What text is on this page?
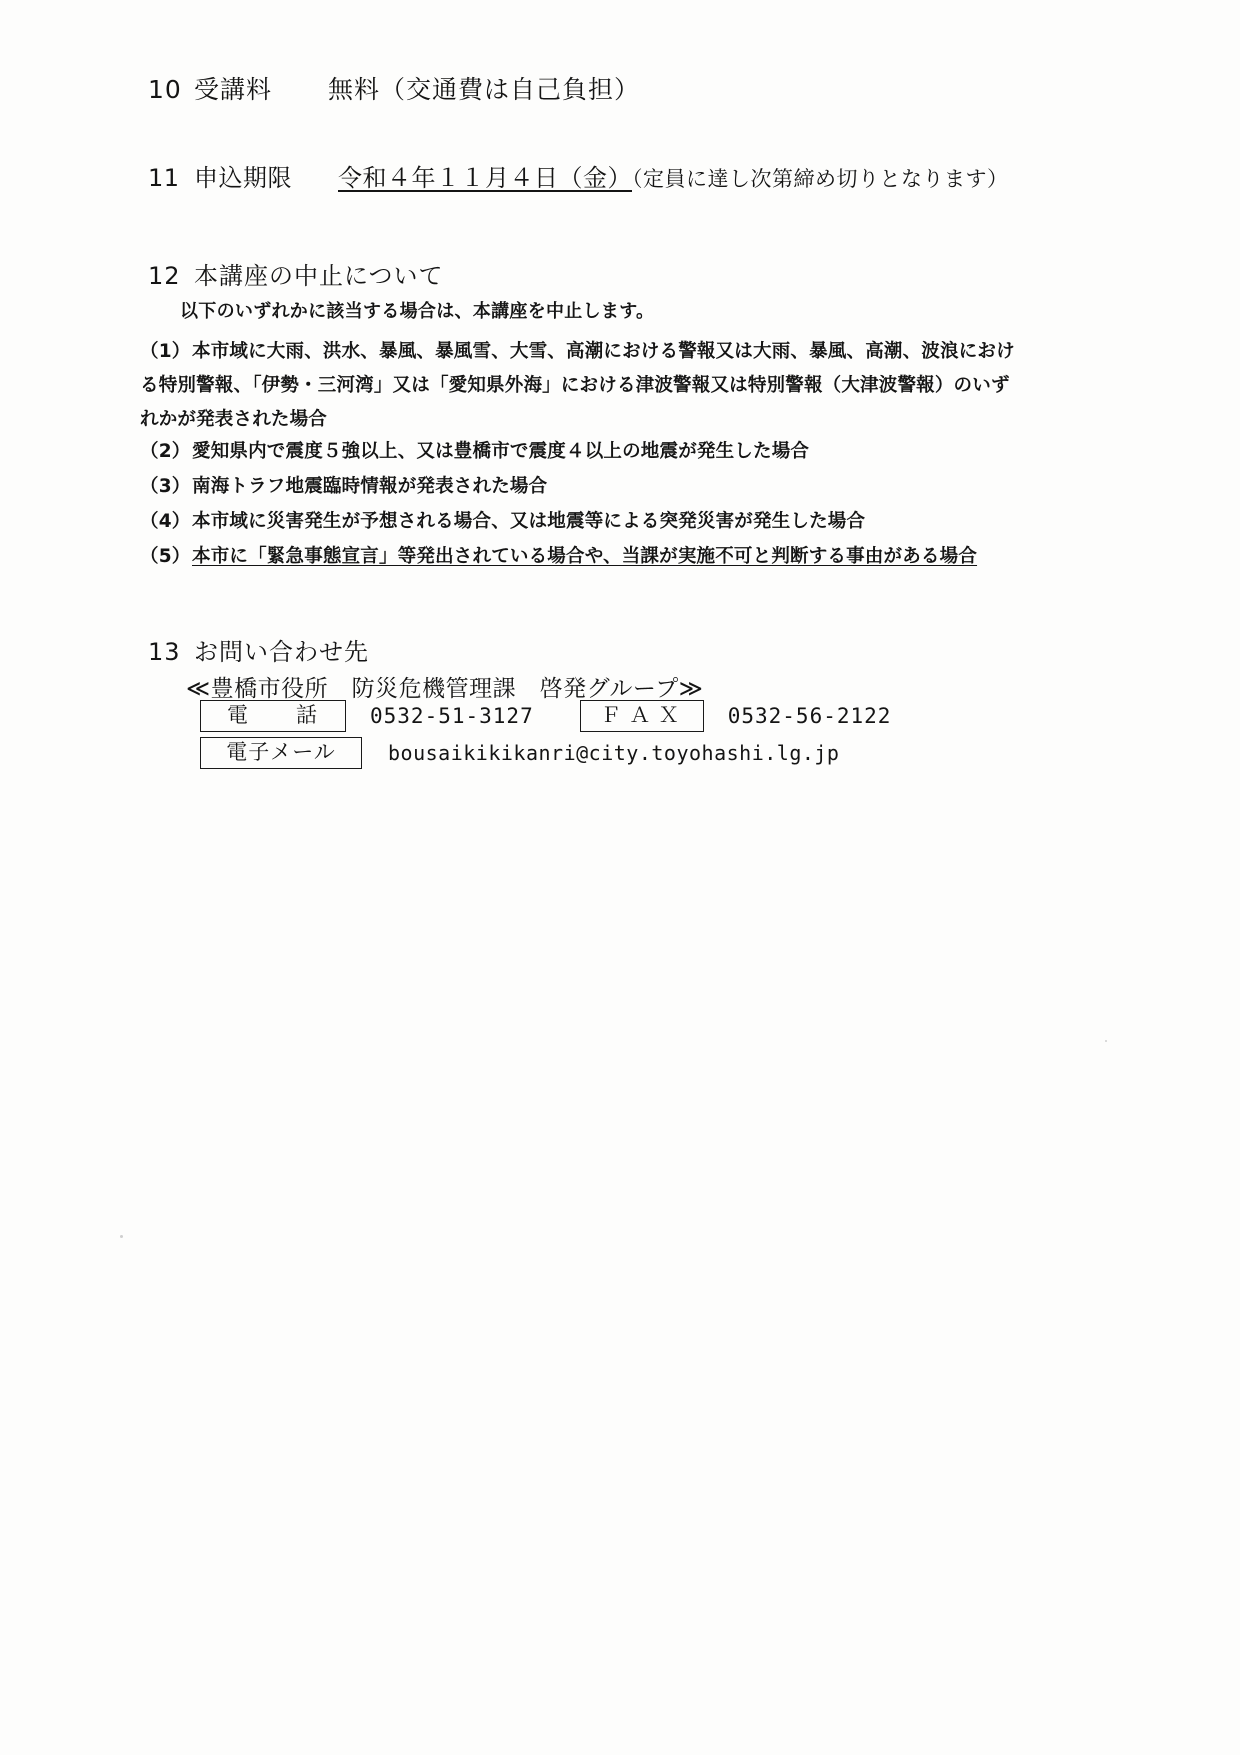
10 受講料 無料（交通費は自己負担）
11 申込期限 令和４年１１月４日（金）（定員に達し次第締め切りとなります）
12 本講座の中止について
以下のいずれかに該当する場合は、本講座を中止します。
（1）本市域に大雨、洪水、暴風、暴風雪、大雪、高潮における警報又は大雨、暴風、高潮、波浪における特別警報、「伊勢・三河湾」又は「愛知県外海」における津波警報又は特別警報（大津波警報）のいずれかが発表された場合
（2）愛知県内で震度５強以上、又は豊橋市で震度４以上の地震が発生した場合
（3）南海トラフ地震臨時情報が発表された場合
（4）本市域に災害発生が予想される場合、又は地震等による突発災害が発生した場合
（5）本市に「緊急事態宣言」等発出されている場合や、当課が実施不可と判断する事由がある場合
13 お問い合わせ先
≪豊橋市役所　防災危機管理課　啓発グループ≫
電　　話	0532-51-3127	ＦＡＸ	0532-56-2122
電子メール	bousaikikikanri@city.toyohashi.lg.jp
